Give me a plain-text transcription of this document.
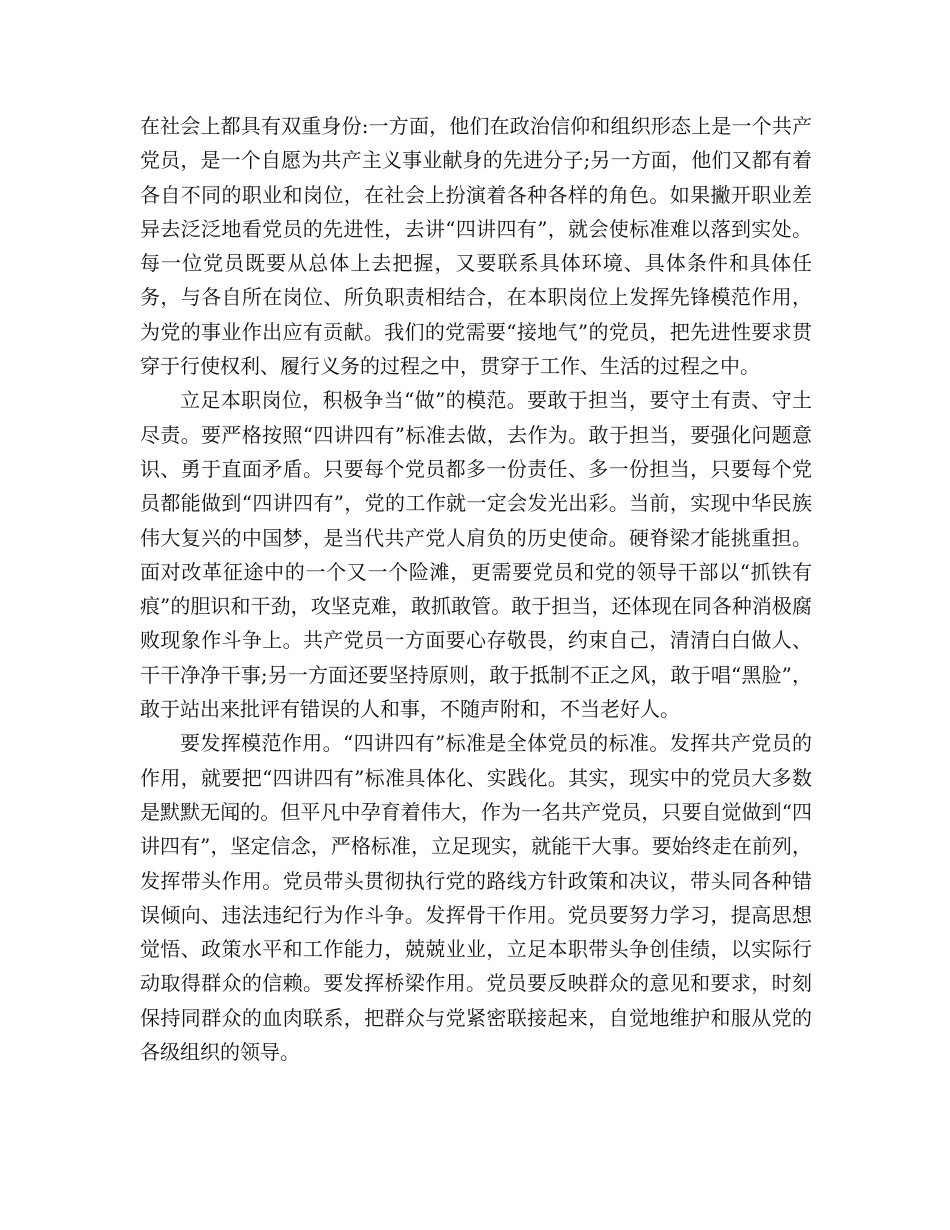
在社会上都具有双重身份:一方面，他们在政治信仰和组织形态上是一个共产党员，是一个自愿为共产主义事业献身的先进分子;另一方面，他们又都有着各自不同的职业和岗位，在社会上扮演着各种各样的角色。如果撇开职业差异去泛泛地看党员的先进性，去讲“四讲四有”，就会使标准难以落到实处。每一位党员既要从总体上去把握，又要联系具体环境、具体条件和具体任务，与各自所在岗位、所负职责相结合，在本职岗位上发挥先锋模范作用，为党的事业作出应有贡献。我们的党需要“接地气”的党员，把先进性要求贯穿于行使权利、履行义务的过程之中，贯穿于工作、生活的过程之中。

立足本职岗位，积极争当“做”的模范。要敢于担当，要守土有责、守土尽责。要严格按照“四讲四有”标准去做，去作为。敢于担当，要强化问题意识、勇于直面矛盾。只要每个党员都多一份责任、多一份担当，只要每个党员都能做到“四讲四有”，党的工作就一定会发光出彩。当前，实现中华民族伟大复兴的中国梦，是当代共产党人肩负的历史使命。硬脊梁才能挑重担。面对改革征途中的一个又一个险滩，更需要党员和党的领导干部以“抓铁有痕”的胆识和干劲，攻坚克难，敢抓敢管。敢于担当，还体现在同各种消极腐败现象作斗争上。共产党员一方面要心存敬畏，约束自己，清清白白做人、干干净净干事;另一方面还要坚持原则，敢于抵制不正之风，敢于唱“黑脸”，敢于站出来批评有错误的人和事，不随声附和，不当老好人。

要发挥模范作用。“四讲四有”标准是全体党员的标准。发挥共产党员的作用，就要把“四讲四有”标准具体化、实践化。其实，现实中的党员大多数是默默无闻的。但平凡中孕育着伟大，作为一名共产党员，只要自觉做到“四讲四有”，坚定信念，严格标准，立足现实，就能干大事。要始终走在前列，发挥带头作用。党员带头贯彻执行党的路线方针政策和决议，带头同各种错误倾向、违法违纪行为作斗争。发挥骨干作用。党员要努力学习，提高思想觉悟、政策水平和工作能力，兢兢业业，立足本职带头争创佳绩，以实际行动取得群众的信赖。要发挥桥梁作用。党员要反映群众的意见和要求，时刻保持同群众的血肉联系，把群众与党紧密联接起来，自觉地维护和服从党的各级组织的领导。
